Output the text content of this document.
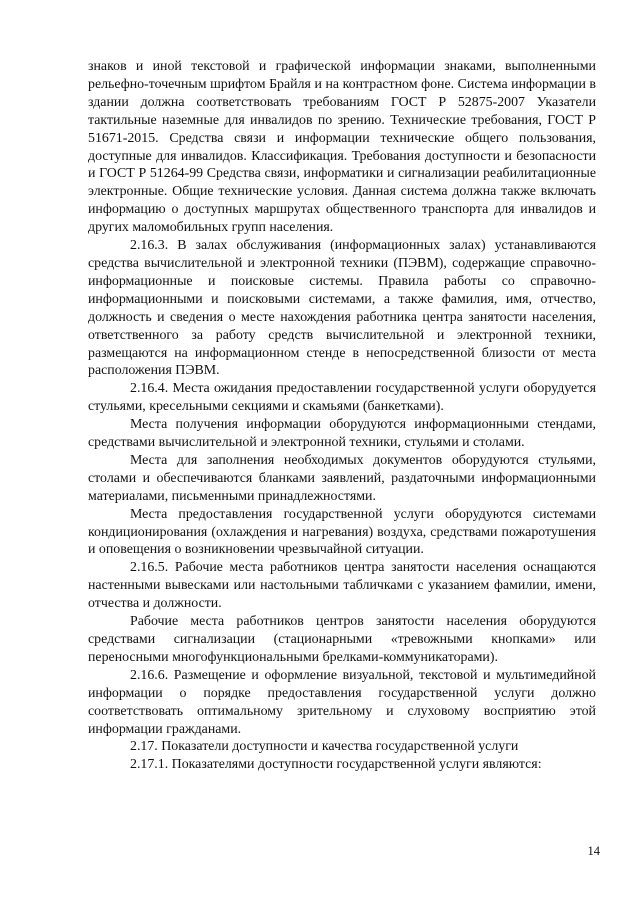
знаков и иной текстовой и графической информации знаками, выполненными рельефно-точечным шрифтом Брайля и на контрастном фоне. Система информации в здании должна соответствовать требованиям ГОСТ Р 52875-2007 Указатели тактильные наземные для инвалидов по зрению. Технические требования, ГОСТ Р 51671-2015. Средства связи и информации технические общего пользования, доступные для инвалидов. Классификация. Требования доступности и безопасности и ГОСТ Р 51264-99 Средства связи, информатики и сигнализации реабилитационные электронные. Общие технические условия. Данная система должна также включать информацию о доступных маршрутах общественного транспорта для инвалидов и других маломобильных групп населения.

2.16.3. В залах обслуживания (информационных залах) устанавливаются средства вычислительной и электронной техники (ПЭВМ), содержащие справочно-информационные и поисковые системы. Правила работы со справочно-информационными и поисковыми системами, а также фамилия, имя, отчество, должность и сведения о месте нахождения работника центра занятости населения, ответственного за работу средств вычислительной и электронной техники, размещаются на информационном стенде в непосредственной близости от места расположения ПЭВМ.

2.16.4. Места ожидания предоставлении государственной услуги оборудуется стульями, кресельными секциями и скамьями (банкетками).

Места получения информации оборудуются информационными стендами, средствами вычислительной и электронной техники, стульями и столами.

Места для заполнения необходимых документов оборудуются стульями, столами и обеспечиваются бланками заявлений, раздаточными информационными материалами, письменными принадлежностями.

Места предоставления государственной услуги оборудуются системами кондиционирования (охлаждения и нагревания) воздуха, средствами пожаротушения и оповещения о возникновении чрезвычайной ситуации.

2.16.5. Рабочие места работников центра занятости населения оснащаются настенными вывесками или настольными табличками с указанием фамилии, имени, отчества и должности.

Рабочие места работников центров занятости населения оборудуются средствами сигнализации (стационарными «тревожными кнопками» или переносными многофункциональными брелками-коммуникаторами).

2.16.6. Размещение и оформление визуальной, текстовой и мультимедийной информации о порядке предоставления государственной услуги должно соответствовать оптимальному зрительному и слуховому восприятию этой информации гражданами.

2.17. Показатели доступности и качества государственной услуги

2.17.1. Показателями доступности государственной услуги являются:

14
